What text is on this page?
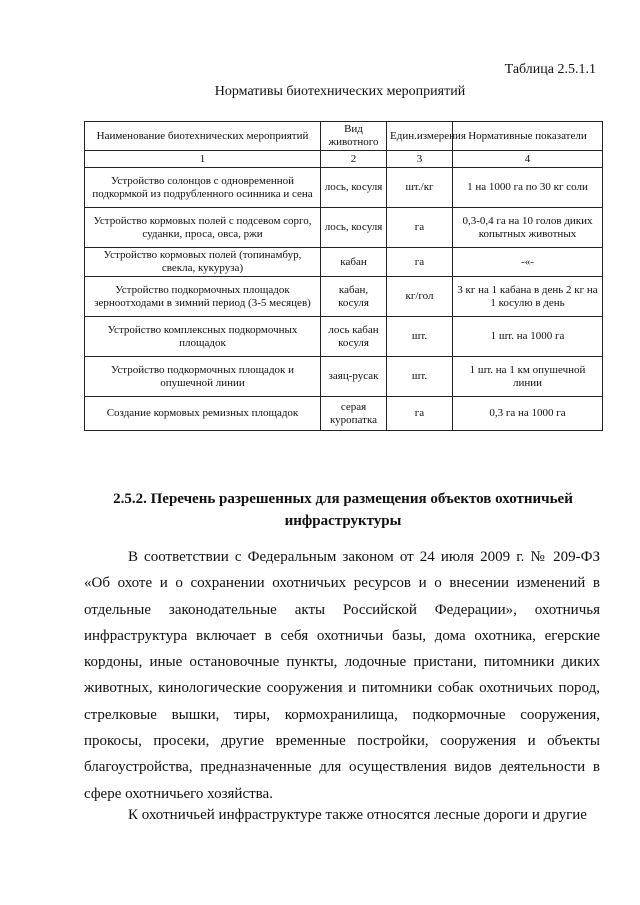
Таблица 2.5.1.1
Нормативы биотехнических мероприятий
Наименование биотехнических мероприятий	Вид животного	Един.измерения	Нормативные показатели
1	2	3	4
Устройство солонцов с одновременной подкормкой из подрубленного осинника и сена	лось, косуля	шт./кг	1 на 1000 га по 30 кг соли
Устройство кормовых полей с подсевом сорго, суданки, проса, овса, ржи	лось, косуля	га	0,3-0,4 га на 10 голов диких копытных животных
Устройство кормовых полей (топинамбур, свекла, кукуруза)	кабан	га	-«-
Устройство подкормочных площадок зерноотходами в зимний период (3-5 месяцев)	кабан, косуля	кг/гол	3 кг на 1 кабана в день 2 кг на 1 косулю в день
Устройство комплексных подкормочных площадок	лось кабан косуля	шт.	1 шт. на 1000 га
Устройство подкормочных площадок и опушечной линии	заяц-русак	шт.	1 шт. на 1 км опушечной линии
Создание кормовых ремизных площадок	серая куропатка	га	0,3 га на 1000 га
2.5.2. Перечень разрешенных для размещения объектов охотничьей инфраструктуры

В соответствии с Федеральным законом от 24 июля 2009 г. № 209-ФЗ «Об охоте и о сохранении охотничьих ресурсов и о внесении изменений в отдельные законодательные акты Российской Федерации», охотничья инфраструктура включает в себя охотничьи базы, дома охотника, егерские кордоны, иные остановочные пункты, лодочные пристани, питомники диких животных, кинологические сооружения и питомники собак охотничьих пород, стрелковые вышки, тиры, кормохранилища, подкормочные сооружения, прокосы, просеки, другие временные постройки, сооружения и объекты благоустройства, предназначенные для осуществления видов деятельности в сфере охотничьего хозяйства.

К охотничьей инфраструктуре также относятся лесные дороги и другие
